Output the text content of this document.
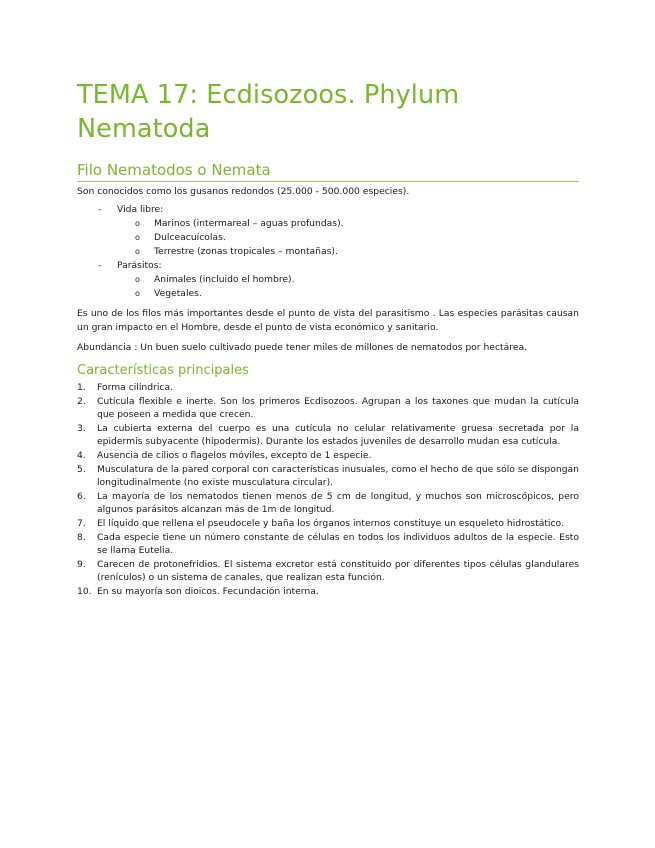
TEMA 17: Ecdisozoos. Phylum Nematoda
Filo Nematodos o Nemata

Son conocidos como los gusanos redondos (25.000 - 500.000 especies).

- Vida libre:
o Marinos (intermareal – aguas profundas).
o Dulceacuícolas.
o Terrestre (zonas tropicales – montañas).
- Parásitos:
o Animales (incluido el hombre).
o Vegetales.

Es uno de los filos más importantes desde el punto de vista del parasitismo . Las especies parásitas causan un gran impacto en el Hombre, desde el punto de vista económico y sanitario.

Abundancia : Un buen suelo cultivado puede tener miles de millones de nematodos por hectárea.

Características principales
1. Forma cilíndrica.
2. Cutícula flexible e inerte. Son los primeros Ecdisozoos. Agrupan a los taxones que mudan la cutícula que poseen a medida que crecen.
3. La cubierta externa del cuerpo es una cutícula no celular relativamente gruesa secretada por la epidermis subyacente (hipodermis). Durante los estados juveniles de desarrollo mudan esa cutícula.
4. Ausencia de cilios o flagelos móviles, excepto de 1 especie.
5. Musculatura de la pared corporal con características inusuales, como el hecho de que sólo se dispongan longitudinalmente (no existe musculatura circular).
6. La mayoría de los nematodos tienen menos de 5 cm de longitud, y muchos son microscópicos, pero algunos parásitos alcanzan más de 1m de longitud.
7. El líquido que rellena el pseudocele y baña los órganos internos constituye un esqueleto hidrostático.
8. Cada especie tiene un número constante de células en todos los individuos adultos de la especie. Esto se llama Eutelia.
9. Carecen de protonefridios. El sistema excretor está constituido por diferentes tipos células glandulares (renículos) o un sistema de canales, que realizan esta función.
10. En su mayoría son dioicos. Fecundación interna.
